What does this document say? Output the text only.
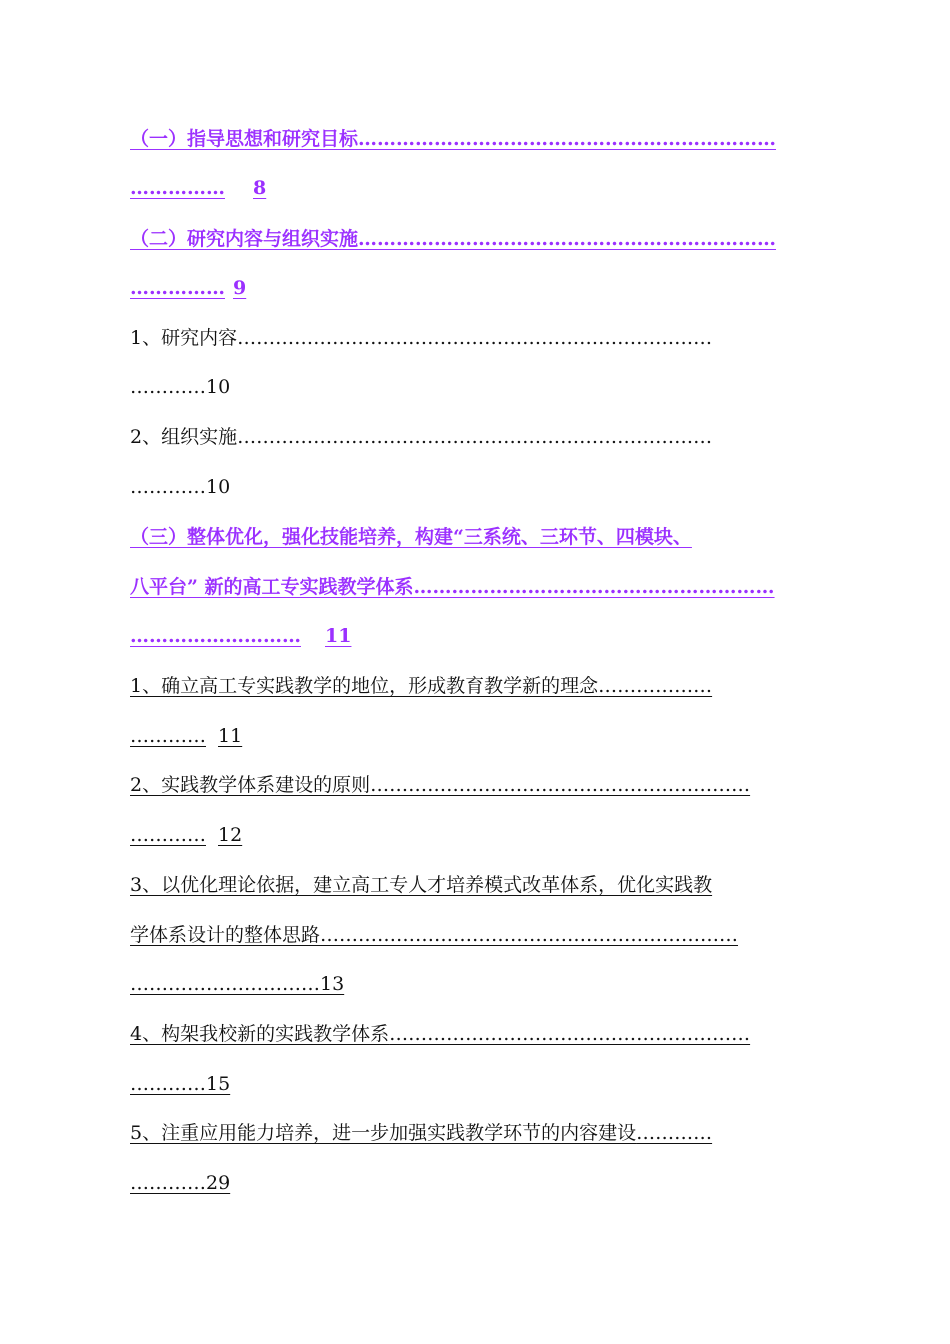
（一）指导思想和研究目标…………………………………………………………
…………… 8
（二）研究内容与组织实施…………………………………………………………
…………… 9
1、研究内容…………………………………………………………………
…………10
2、组织实施…………………………………………………………………
…………10
（三）整体优化，强化技能培养，构建“三系统、三环节、四模块、
八平台” 新的高工专实践教学体系…………………………………………………
……………………… 11
1、确立高工专实践教学的地位，形成教育教学新的理念………………
………… 11
2、实践教学体系建设的原则……………………………………………………
………… 12
3、以优化理论依据，建立高工专人才培养模式改革体系，优化实践教
学体系设计的整体思路…………………………………………………………
…………………………13
4、构架我校新的实践教学体系…………………………………………………
…………15
5、注重应用能力培养，进一步加强实践教学环节的内容建设…………
…………29
